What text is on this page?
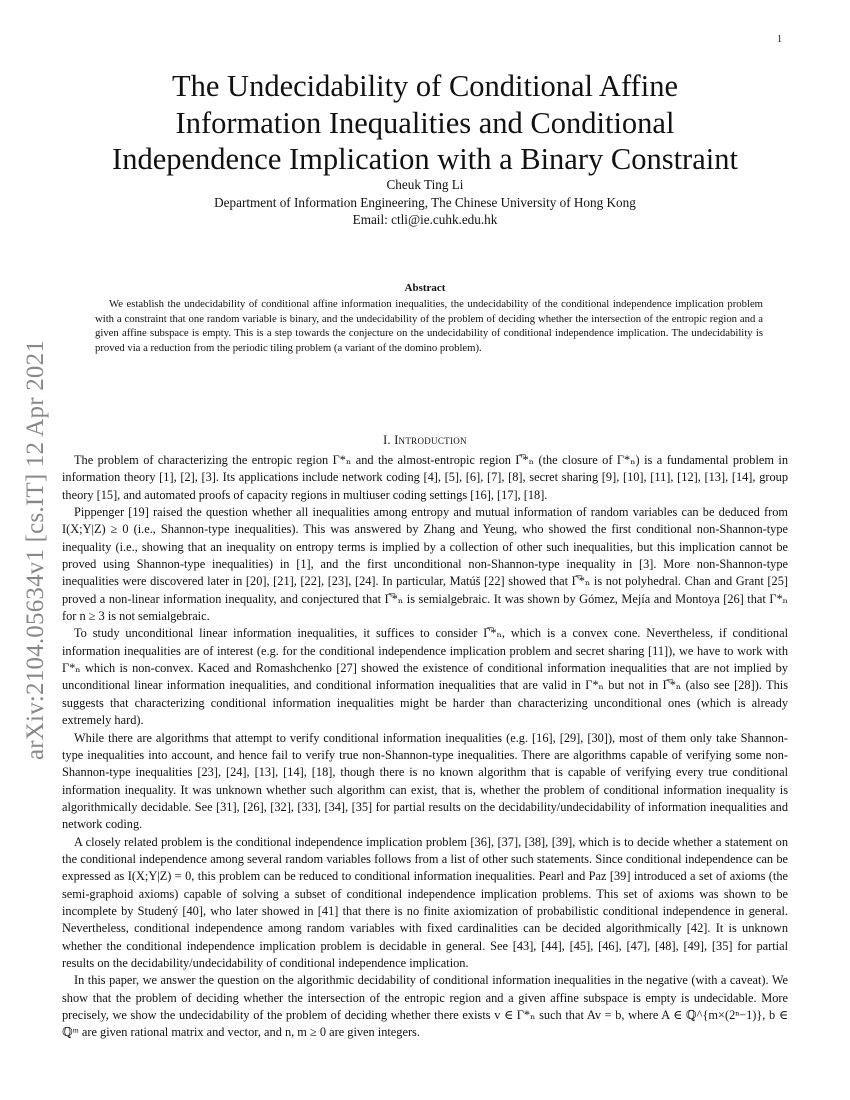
1
arXiv:2104.05634v1 [cs.IT] 12 Apr 2021
The Undecidability of Conditional Affine
Information Inequalities and Conditional
Independence Implication with a Binary Constraint
Cheuk Ting Li
Department of Information Engineering, The Chinese University of Hong Kong
Email: ctli@ie.cuhk.edu.hk
Abstract

We establish the undecidability of conditional affine information inequalities, the undecidability of the conditional independence implication problem with a constraint that one random variable is binary, and the undecidability of the problem of deciding whether the intersection of the entropic region and a given affine subspace is empty. This is a step towards the conjecture on the undecidability of conditional independence implication. The undecidability is proved via a reduction from the periodic tiling problem (a variant of the domino problem).

I. Introduction

The problem of characterizing the entropic region Γ*ₙ and the almost-entropic region Γ̅*ₙ (the closure of Γ*ₙ) is a fundamental problem in information theory [1], [2], [3]. Its applications include network coding [4], [5], [6], [7], [8], secret sharing [9], [10], [11], [12], [13], [14], group theory [15], and automated proofs of capacity regions in multiuser coding settings [16], [17], [18].

Pippenger [19] raised the question whether all inequalities among entropy and mutual information of random variables can be deduced from I(X;Y|Z) ≥ 0 (i.e., Shannon-type inequalities). This was answered by Zhang and Yeung, who showed the first conditional non-Shannon-type inequality (i.e., showing that an inequality on entropy terms is implied by a collection of other such inequalities, but this implication cannot be proved using Shannon-type inequalities) in [1], and the first unconditional non-Shannon-type inequality in [3]. More non-Shannon-type inequalities were discovered later in [20], [21], [22], [23], [24]. In particular, Matúš [22] showed that Γ̅*ₙ is not polyhedral. Chan and Grant [25] proved a non-linear information inequality, and conjectured that Γ̅*ₙ is semialgebraic. It was shown by Gómez, Mejía and Montoya [26] that Γ*ₙ for n ≥ 3 is not semialgebraic.

To study unconditional linear information inequalities, it suffices to consider Γ̅*ₙ, which is a convex cone. Nevertheless, if conditional information inequalities are of interest (e.g. for the conditional independence implication problem and secret sharing [11]), we have to work with Γ*ₙ which is non-convex. Kaced and Romashchenko [27] showed the existence of conditional information inequalities that are not implied by unconditional linear information inequalities, and conditional information inequalities that are valid in Γ*ₙ but not in Γ̅*ₙ (also see [28]). This suggests that characterizing conditional information inequalities might be harder than characterizing unconditional ones (which is already extremely hard).

While there are algorithms that attempt to verify conditional information inequalities (e.g. [16], [29], [30]), most of them only take Shannon-type inequalities into account, and hence fail to verify true non-Shannon-type inequalities. There are algorithms capable of verifying some non-Shannon-type inequalities [23], [24], [13], [14], [18], though there is no known algorithm that is capable of verifying every true conditional information inequality. It was unknown whether such algorithm can exist, that is, whether the problem of conditional information inequality is algorithmically decidable. See [31], [26], [32], [33], [34], [35] for partial results on the decidability/undecidability of information inequalities and network coding.

A closely related problem is the conditional independence implication problem [36], [37], [38], [39], which is to decide whether a statement on the conditional independence among several random variables follows from a list of other such statements. Since conditional independence can be expressed as I(X;Y|Z) = 0, this problem can be reduced to conditional information inequalities. Pearl and Paz [39] introduced a set of axioms (the semi-graphoid axioms) capable of solving a subset of conditional independence implication problems. This set of axioms was shown to be incomplete by Studený [40], who later showed in [41] that there is no finite axiomization of probabilistic conditional independence in general. Nevertheless, conditional independence among random variables with fixed cardinalities can be decided algorithmically [42]. It is unknown whether the conditional independence implication problem is decidable in general. See [43], [44], [45], [46], [47], [48], [49], [35] for partial results on the decidability/undecidability of conditional independence implication.

In this paper, we answer the question on the algorithmic decidability of conditional information inequalities in the negative (with a caveat). We show that the problem of deciding whether the intersection of the entropic region and a given affine subspace is empty is undecidable. More precisely, we show the undecidability of the problem of deciding whether there exists v ∈ Γ*ₙ such that Av = b, where A ∈ ℚ^{m×(2ⁿ−1)}, b ∈ ℚᵐ are given rational matrix and vector, and n, m ≥ 0 are given integers.
